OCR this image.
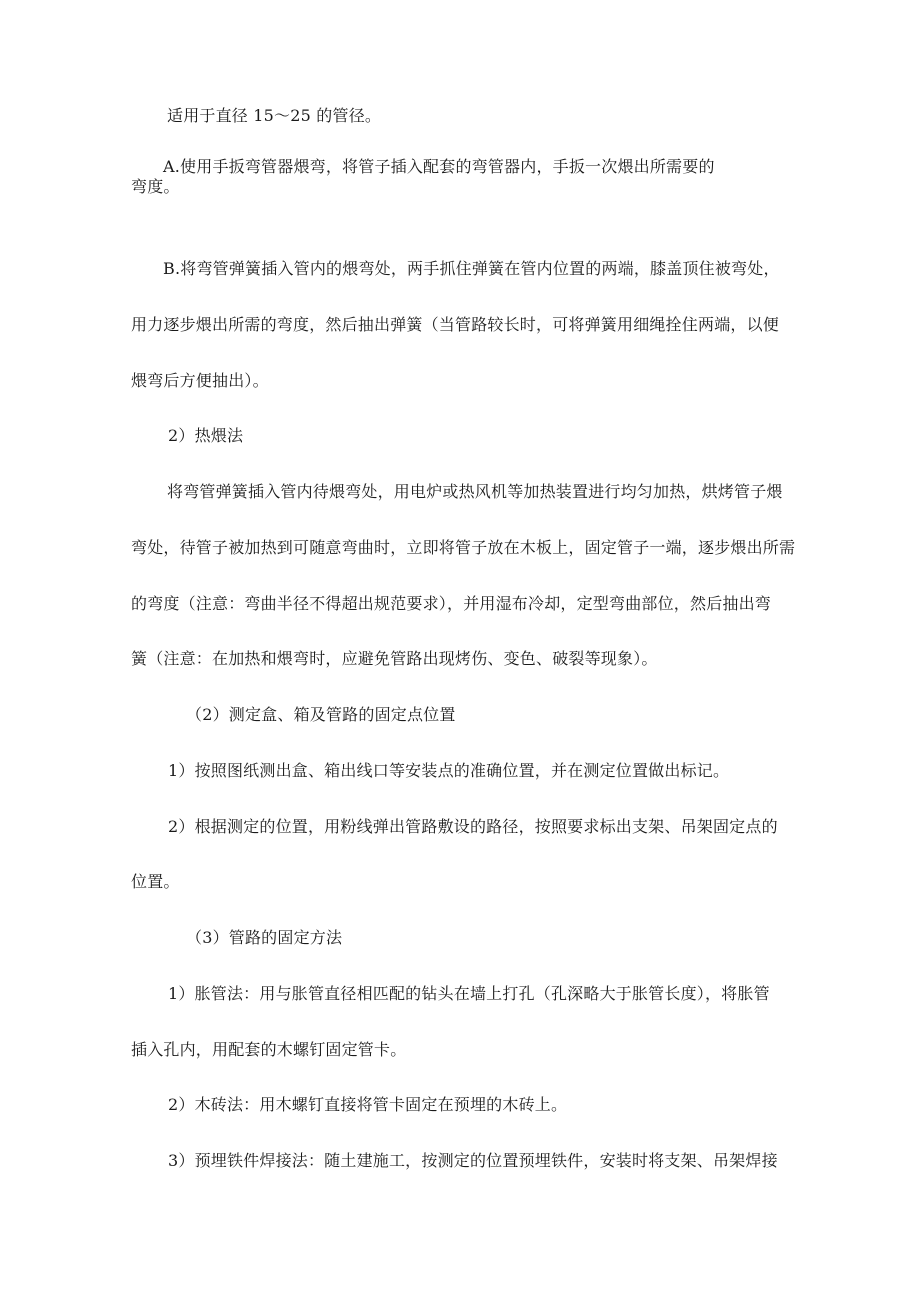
适用于直径 15～25 的管径。
A.使用手扳弯管器煨弯，将管子插入配套的弯管器内，手扳一次煨出所需要的
弯度。
B.将弯管弹簧插入管内的煨弯处，两手抓住弹簧在管内位置的两端，膝盖顶住被弯处，
用力逐步煨出所需的弯度，然后抽出弹簧（当管路较长时，可将弹簧用细绳拴住两端，以便
煨弯后方便抽出）。
2）热煨法
将弯管弹簧插入管内待煨弯处，用电炉或热风机等加热装置进行均匀加热，烘烤管子煨
弯处，待管子被加热到可随意弯曲时，立即将管子放在木板上，固定管子一端，逐步煨出所需
的弯度（注意：弯曲半径不得超出规范要求），并用湿布冷却，定型弯曲部位，然后抽出弯
簧（注意：在加热和煨弯时，应避免管路出现烤伤、变色、破裂等现象）。
（2）测定盒、箱及管路的固定点位置
1）按照图纸测出盒、箱出线口等安装点的准确位置，并在测定位置做出标记。
2）根据测定的位置，用粉线弹出管路敷设的路径，按照要求标出支架、吊架固定点的
位置。
（3）管路的固定方法
1）胀管法：用与胀管直径相匹配的钻头在墙上打孔（孔深略大于胀管长度），将胀管
插入孔内，用配套的木螺钉固定管卡。
2）木砖法：用木螺钉直接将管卡固定在预埋的木砖上。
3）预埋铁件焊接法：随土建施工，按测定的位置预埋铁件，安装时将支架、吊架焊接
